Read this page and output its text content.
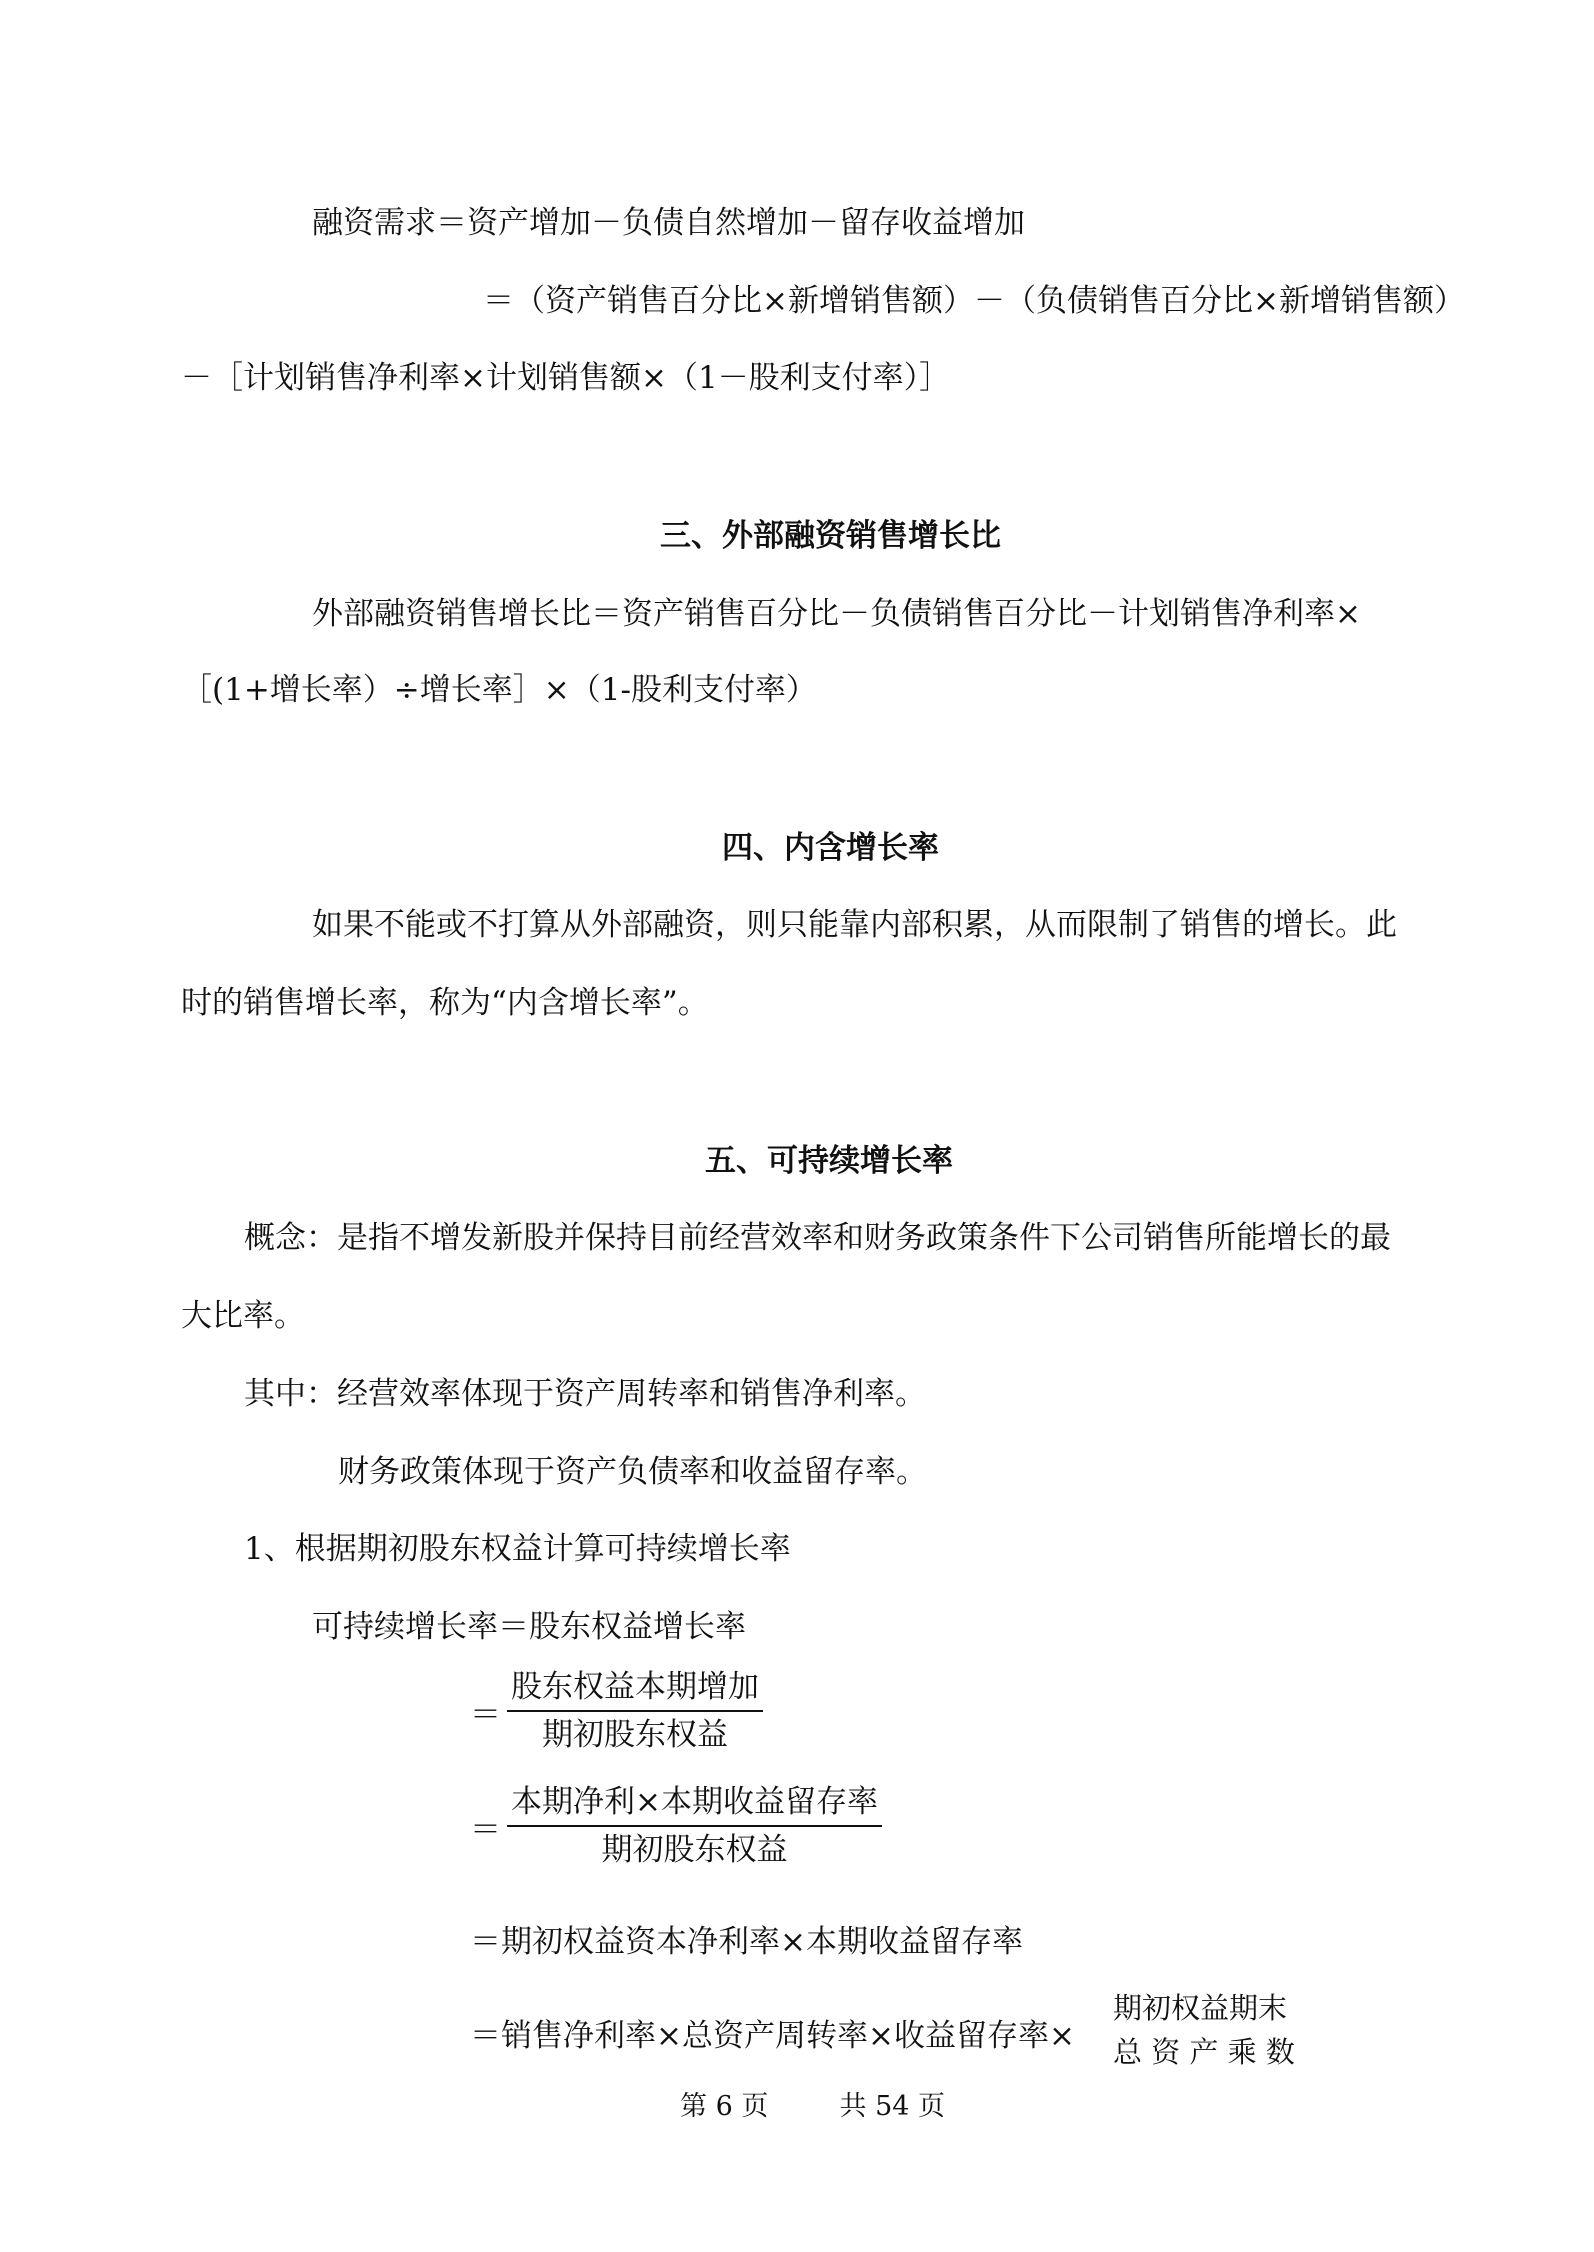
融资需求＝资产增加－负债自然增加－留存收益增加
＝（资产销售百分比×新增销售额）－（负债销售百分比×新增销售额）
－［计划销售净利率×计划销售额×（1－股利支付率）］
三、外部融资销售增长比
外部融资销售增长比＝资产销售百分比－负债销售百分比－计划销售净利率×
［(1+增长率）÷增长率］×（1-股利支付率）
四、内含增长率
如果不能或不打算从外部融资，则只能靠内部积累，从而限制了销售的增长。此
时的销售增长率，称为“内含增长率”。
五、可持续增长率
概念：是指不增发新股并保持目前经营效率和财务政策条件下公司销售所能增长的最
大比率。
其中：经营效率体现于资产周转率和销售净利率。
财务政策体现于资产负债率和收益留存率。
1、根据期初股东权益计算可持续增长率
可持续增长率＝股东权益增长率
＝ $\frac{\text{股东权益本期增加}}{\text{期初股东权益}}$
＝ $\frac{\text{本期净利×本期收益留存率}}{\text{期初股东权益}}$
＝期初权益资本净利率×本期收益留存率
＝销售净利率×总资产周转率×收益留存率×
期初权益期末
总 资 产 乘 数
第 6 页	共 54 页
